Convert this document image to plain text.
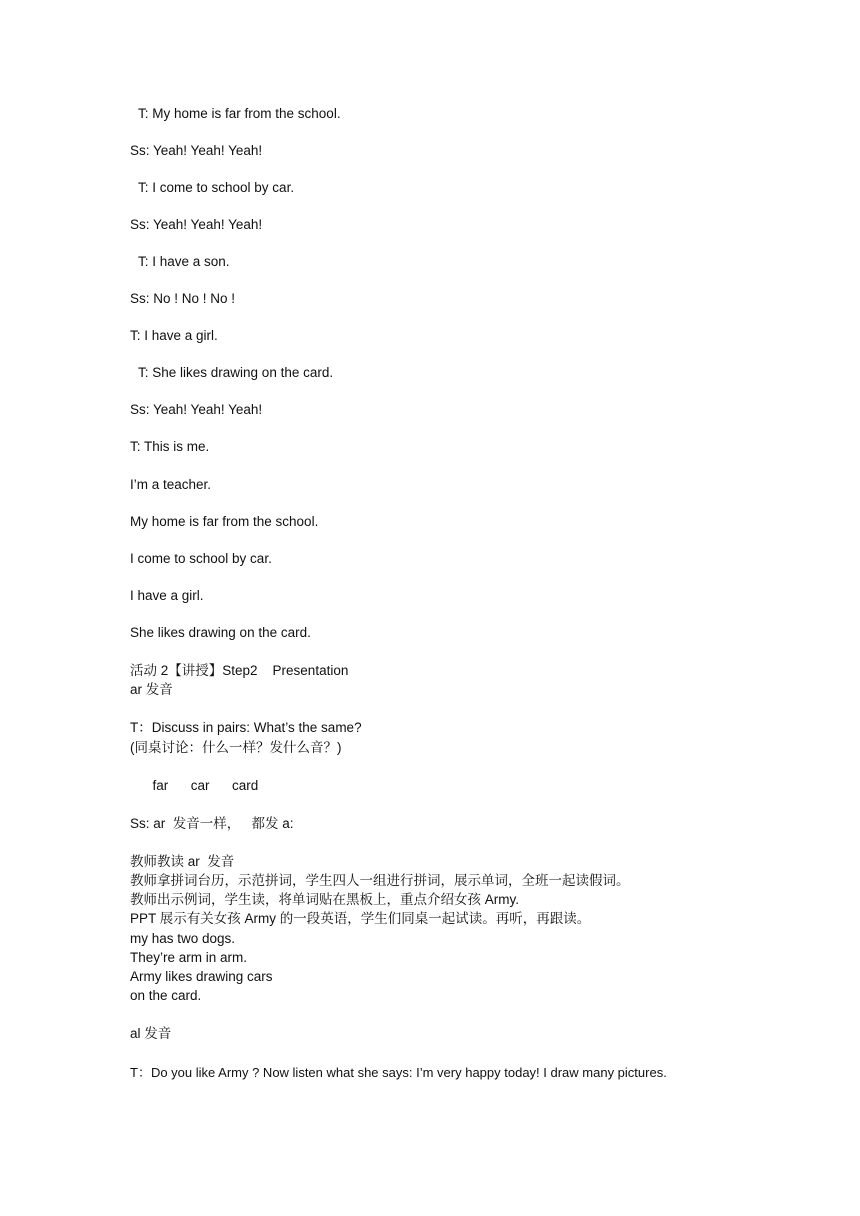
T: My home is far from the school.
Ss: Yeah! Yeah! Yeah!
T: I come to school by car.
Ss: Yeah! Yeah! Yeah!
T: I have a son.
Ss: No ! No ! No !
T: I have a girl.
T: She likes drawing on the card.
Ss: Yeah! Yeah! Yeah!
T: This is me.
I’m a teacher.
My home is far from the school.
I come to school by car.
I have a girl.
She likes drawing on the card.
活动 2【讲授】Step2    Presentation
ar 发音
T：Discuss in pairs: What’s the same?
(同桌讨论：什么一样？发什么音？)
far      car      card
Ss: ar  发音一样，   都发 a:
教师教读 ar  发音
教师拿拼词台历，示范拼词，学生四人一组进行拼词，展示单词，全班一起读假词。
教师出示例词，学生读，将单词贴在黑板上，重点介绍女孩 Army.
PPT 展示有关女孩 Army 的一段英语，学生们同桌一起试读。再听，再跟读。
my has two dogs.
They’re arm in arm.
Army likes drawing cars
on the card.
al 发音
T：Do you like Army ? Now listen what she says: I’m very happy today! I draw many pictures.
